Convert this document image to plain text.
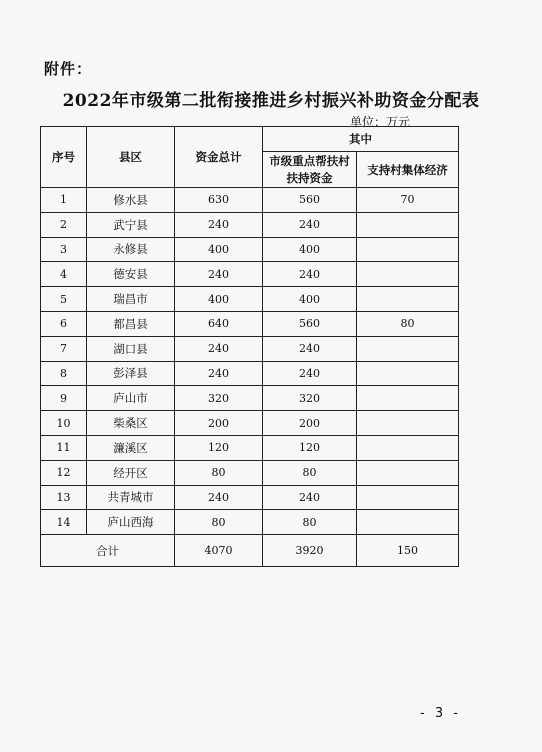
附件：
2022年市级第二批衔接推进乡村振兴补助资金分配表
单位：万元
序号	县区	资金总计	其中	
			市级重点帮扶村扶持资金	支持村集体经济
1	修水县	630	560	70
2	武宁县	240	240	
3	永修县	400	400	
4	德安县	240	240	
5	瑞昌市	400	400	
6	都昌县	640	560	80
7	湖口县	240	240	
8	彭泽县	240	240	
9	庐山市	320	320	
10	柴桑区	200	200	
11	濂溪区	120	120	
12	经开区	80	80	
13	共青城市	240	240	
14	庐山西海	80	80	
合计		4070	3920	150
- 3 -
